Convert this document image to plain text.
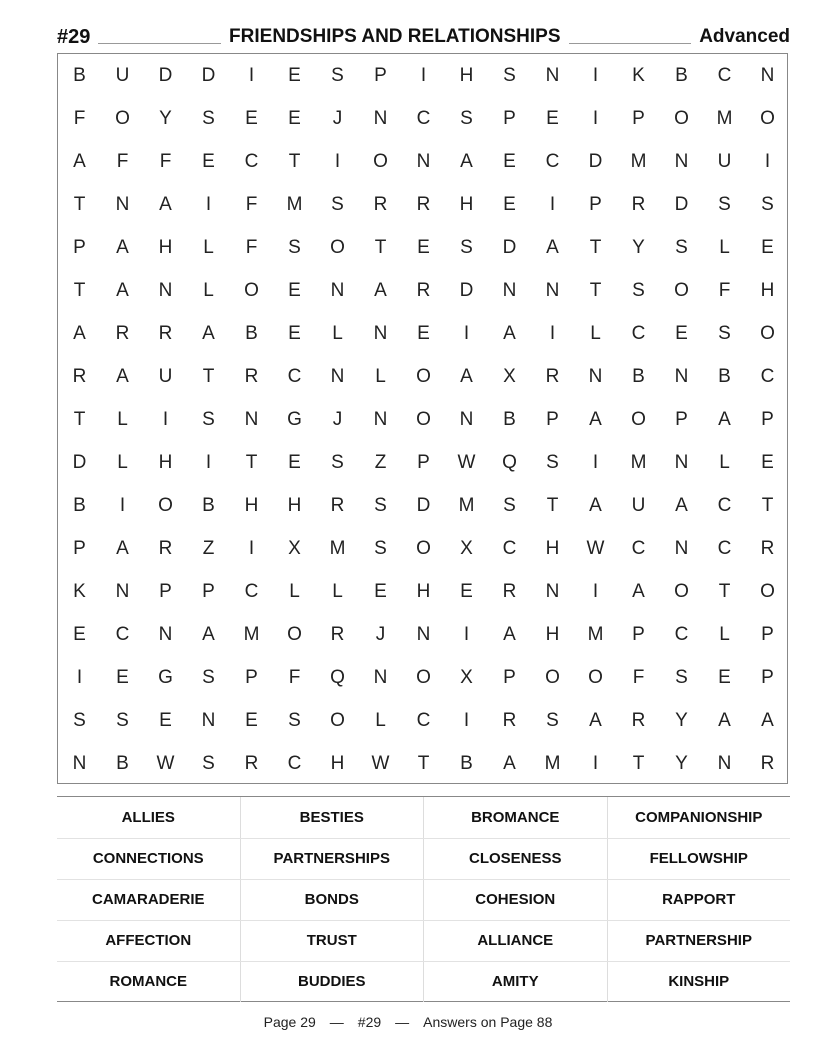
#29	FRIENDSHIPS AND RELATIONSHIPS	Advanced
B	U	D	D	I	E	S	P	I	H	S	N	I	K	B	C	N
F	O	Y	S	E	E	J	N	C	S	P	E	I	P	O	M	O
A	F	F	E	C	T	I	O	N	A	E	C	D	M	N	U	I
T	N	A	I	F	M	S	R	R	H	E	I	P	R	D	S	S
P	A	H	L	F	S	O	T	E	S	D	A	T	Y	S	L	E
T	A	N	L	O	E	N	A	R	D	N	N	T	S	O	F	H
A	R	R	A	B	E	L	N	E	I	A	I	L	C	E	S	O
R	A	U	T	R	C	N	L	O	A	X	R	N	B	N	B	C
T	L	I	S	N	G	J	N	O	N	B	P	A	O	P	A	P
D	L	H	I	T	E	S	Z	P	W	Q	S	I	M	N	L	E
B	I	O	B	H	H	R	S	D	M	S	T	A	U	A	C	T
P	A	R	Z	I	X	M	S	O	X	C	H	W	C	N	C	R
K	N	P	P	C	L	L	E	H	E	R	N	I	A	O	T	O
E	C	N	A	M	O	R	J	N	I	A	H	M	P	C	L	P
I	E	G	S	P	F	Q	N	O	X	P	O	O	F	S	E	P
S	S	E	N	E	S	O	L	C	I	R	S	A	R	Y	A	A
N	B	W	S	R	C	H	W	T	B	A	M	I	T	Y	N	R
ALLIES	BESTIES	BROMANCE	COMPANIONSHIP
CONNECTIONS	PARTNERSHIPS	CLOSENESS	FELLOWSHIP
CAMARADERIE	BONDS	COHESION	RAPPORT
AFFECTION	TRUST	ALLIANCE	PARTNERSHIP
ROMANCE	BUDDIES	AMITY	KINSHIP
Page 29 — #29 — Answers on Page 88
